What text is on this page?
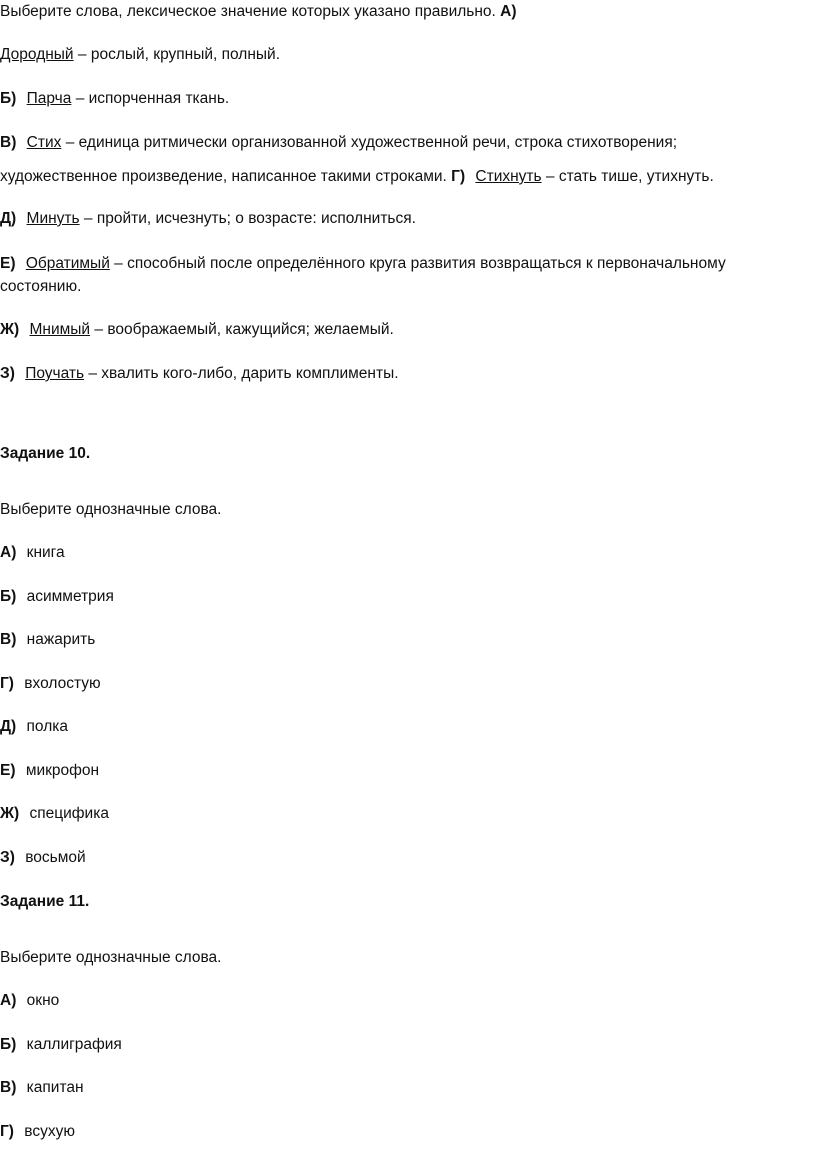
Выберите слова, лексическое значение которых указано правильно. А)
Дородный – рослый, крупный, полный.
Б) Парча – испорченная ткань.
В) Стих – единица ритмически организованной художественной речи, строка стихотворения;
художественное произведение, написанное такими строками. Г) Стихнуть – стать тише, утихнуть.
Д) Минуть – пройти, исчезнуть; о возрасте: исполниться.
Е) Обратимый – способный после определённого круга развития возвращаться к первоначальному
состоянию.
Ж) Мнимый – воображаемый, кажущийся; желаемый.
З) Поучать – хвалить кого-либо, дарить комплименты.
Задание 10.
Выберите однозначные слова.
А) книга
Б) асимметрия
В) нажарить
Г) вхолостую
Д) полка
Е) микрофон
Ж) специфика
З) восьмой
Задание 11.
Выберите однозначные слова.
А) окно
Б) каллиграфия
В) капитан
Г) всухую
